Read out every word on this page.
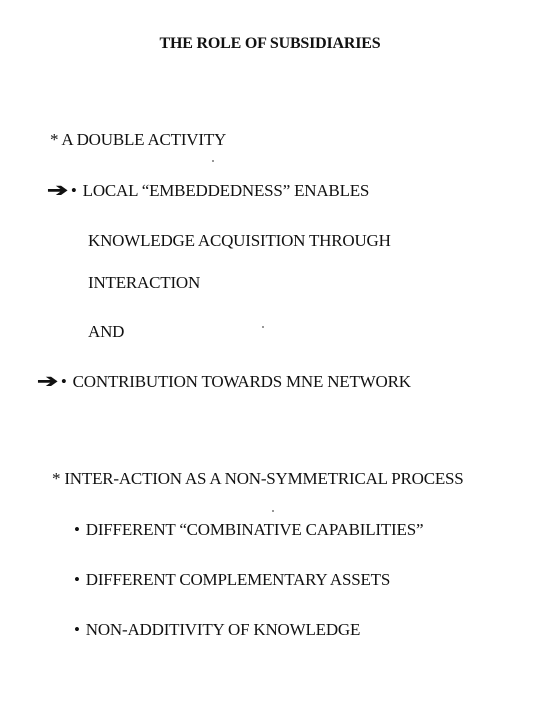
THE ROLE OF SUBSIDIARIES
* A DOUBLE ACTIVITY
➔ • LOCAL “EMBEDDEDNESS” ENABLES
KNOWLEDGE ACQUISITION THROUGH
INTERACTION
AND
➔ • CONTRIBUTION TOWARDS MNE NETWORK
* INTER-ACTION AS A NON-SYMMETRICAL PROCESS
• DIFFERENT “COMBINATIVE CAPABILITIES”
• DIFFERENT COMPLEMENTARY ASSETS
• NON-ADDITIVITY OF KNOWLEDGE
